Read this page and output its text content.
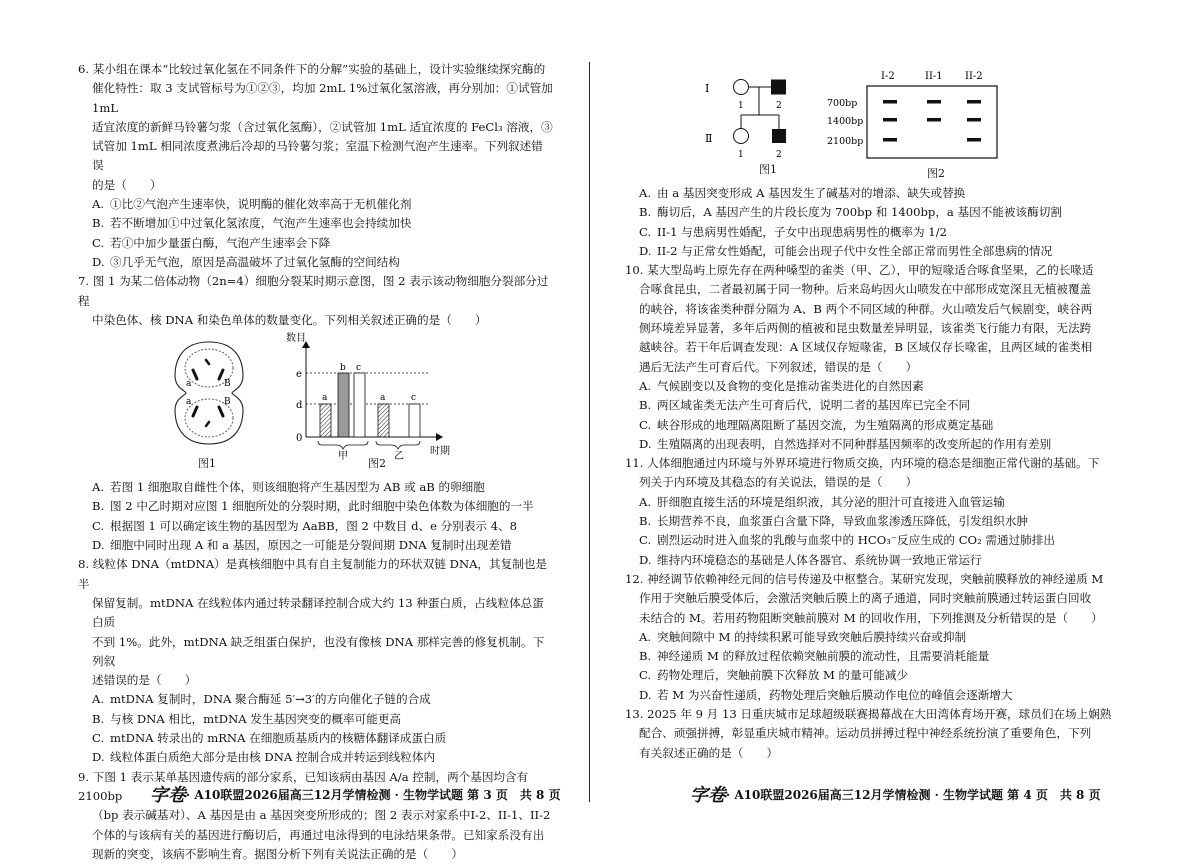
6. 某小组在课本“比较过氧化氢在不同条件下的分解”实验的基础上，设计实验继续探究酶的
催化特性：取 3 支试管标号为①②③，均加 2mL 1%过氧化氢溶液，再分别加：①试管加 1mL
适宜浓度的新鲜马铃薯匀浆（含过氧化氢酶），②试管加 1mL 适宜浓度的 FeCl₃ 溶液，③
试管加 1mL 相同浓度煮沸后冷却的马铃薯匀浆；室温下检测气泡产生速率。下列叙述错误
的是（　　）
A. ①比②气泡产生速率快，说明酶的催化效率高于无机催化剂
B. 若不断增加①中过氧化氢浓度，气泡产生速率也会持续加快
C. 若①中加少量蛋白酶，气泡产生速率会下降
D. ③几乎无气泡，原因是高温破坏了过氧化氢酶的空间结构
7. 图 1 为某二倍体动物（2n=4）细胞分裂某时期示意图，图 2 表示该动物细胞分裂部分过程
中染色体、核 DNA 和染色单体的数量变化。下列相关叙述正确的是（　　）
a	B
B
a
图1
数目
e
d
0
a
b c
a	c
甲	乙	时期
图2
A. 若图 1 细胞取自雌性个体，则该细胞将产生基因型为 AB 或 aB 的卵细胞
B. 图 2 中乙时期对应图 1 细胞所处的分裂时期，此时细胞中染色体数为体细胞的一半
C. 根据图 1 可以确定该生物的基因型为 AaBB，图 2 中数目 d、e 分别表示 4、8
D. 细胞中同时出现 A 和 a 基因，原因之一可能是分裂间期 DNA 复制时出现差错
8. 线粒体 DNA（mtDNA）是真核细胞中具有自主复制能力的环状双链 DNA，其复制也是半
保留复制。mtDNA 在线粒体内通过转录翻译控制合成大约 13 种蛋白质，占线粒体总蛋白质
不到 1%。此外，mtDNA 缺乏组蛋白保护，也没有像核 DNA 那样完善的修复机制。下列叙
述错误的是（　　）
A. mtDNA 复制时，DNA 聚合酶延 5′→3′的方向催化子链的合成
B. 与核 DNA 相比，mtDNA 发生基因突变的概率可能更高
C. mtDNA 转录出的 mRNA 在细胞质基质内的核糖体翻译成蛋白质
D. 线粒体蛋白质绝大部分是由核 DNA 控制合成并转运到线粒体内
9. 下图 1 表示某单基因遗传病的部分家系，已知该病由基因 A/a 控制，两个基因均含有 2100bp
（bp 表示碱基对）、A 基因是由 a 基因突变所形成的；图 2 表示对家系中I-2、II-1、II-2
个体的与该病有关的基因进行酶切后，再通过电泳得到的电泳结果条带。已知家系没有出
现新的突变，该病不影响生育。据图分析下列有关说法正确的是（　　）
字卷· A10联盟2026届高三12月学情检测 · 生物学试题 第 3 页　共 8 页
Ⅰ
Ⅱ
1	2
1	2
图1
I-2	II-1 II-2
700bp
1400bp
2100bp
图2
A. 由 a 基因突变形成 A 基因发生了碱基对的增添、缺失或替换
B. 酶切后，A 基因产生的片段长度为 700bp 和 1400bp，a 基因不能被该酶切割
C. II-1 与患病男性婚配，子女中出现患病男性的概率为 1/2
D. II-2 与正常女性婚配，可能会出现子代中女性全部正常而男性全部患病的情况
10. 某大型岛屿上原先存在两种嗓型的雀类（甲、乙），甲的短喙适合啄食坚果，乙的长喙适
合啄食昆虫，二者最初属于同一物种。后来岛屿因火山喷发在中部形成宽深且无植被覆盖
的峡谷，将该雀类种群分隔为 A、B 两个不同区域的种群。火山喷发后气候剧变，峡谷两
侧环境差异显著，多年后两侧的植被和昆虫数量差异明显，该雀类飞行能力有限，无法跨
越峡谷。若干年后调查发现：A 区域仅存短喙雀，B 区域仅存长喙雀，且两区域的雀类相
遇后无法产生可育后代。下列叙述，错误的是（　　）
A. 气候剧变以及食物的变化是推动雀类进化的自然因素
B. 两区域雀类无法产生可育后代，说明二者的基因库已完全不同
C. 峡谷形成的地理隔离阻断了基因交流，为生殖隔离的形成奠定基础
D. 生殖隔离的出现表明，自然选择对不同种群基因频率的改变所起的作用有差别
11. 人体细胞通过内环境与外界环境进行物质交换，内环境的稳态是细胞正常代谢的基础。下
列关于内环境及其稳态的有关说法，错误的是（　　）
A. 肝细胞直接生活的环境是组织液，其分泌的胆汁可直接进入血管运输
B. 长期营养不良，血浆蛋白含量下降，导致血浆渗透压降低，引发组织水肿
C. 剧烈运动时进入血浆的乳酸与血浆中的 HCO₃⁻反应生成的 CO₂ 需通过肺排出
D. 维持内环境稳态的基础是人体各器官、系统协调一致地正常运行
12. 神经调节依赖神经元间的信号传递及中枢整合。某研究发现，突触前膜释放的神经递质 M
作用于突触后膜受体后，会激活突触后膜上的离子通道，同时突触前膜通过转运蛋白回收
未结合的 M。若用药物阻断突触前膜对 M 的回收作用，下列推测及分析错误的是（　　）
A. 突触间隙中 M 的持续积累可能导致突触后膜持续兴奋或抑制
B. 神经递质 M 的释放过程依赖突触前膜的流动性，且需要消耗能量
C. 药物处理后，突触前膜下次释放 M 的量可能减少
D. 若 M 为兴奋性递质，药物处理后突触后膜动作电位的峰值会逐渐增大
13. 2025 年 9 月 13 日重庆城市足球超级联赛揭幕战在大田湾体育场开赛，球员们在场上娴熟
配合、顽强拼搏，彰显重庆城市精神。运动员拼搏过程中神经系统扮演了重要角色，下列
有关叙述正确的是（　　）
字卷· A10联盟2026届高三12月学情检测 · 生物学试题 第 4 页　共 8 页
